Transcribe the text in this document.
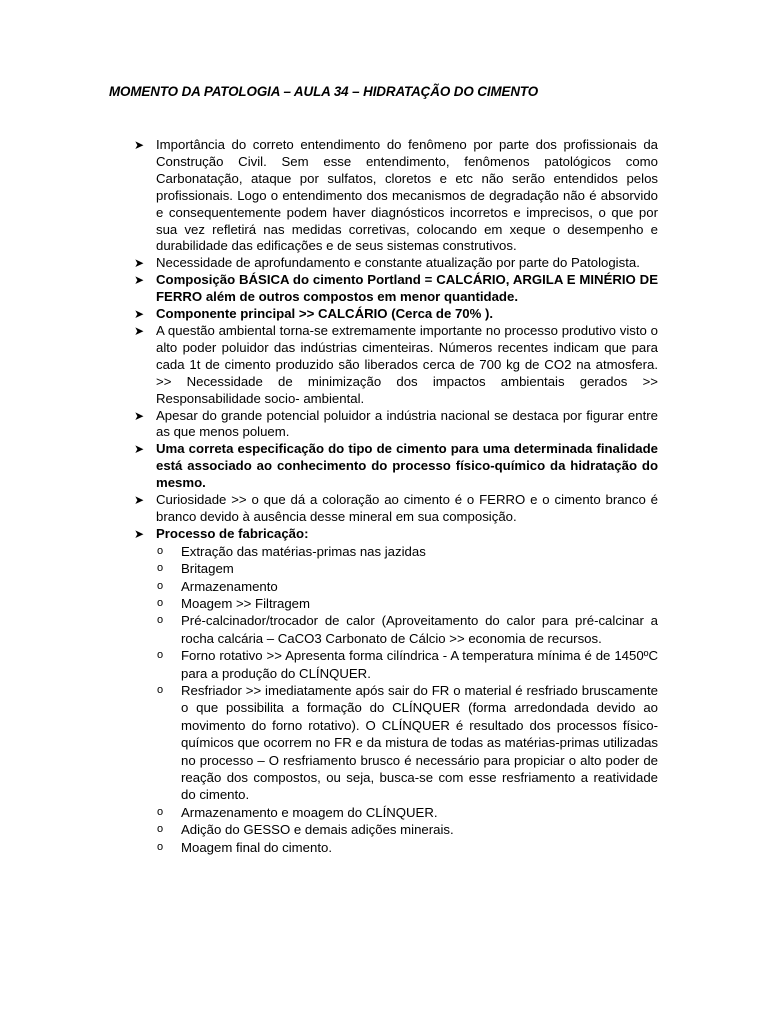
MOMENTO DA PATOLOGIA – AULA 34 – HIDRATAÇÃO DO CIMENTO
➤ Importância do correto entendimento do fenômeno por parte dos profissionais da Construção Civil. Sem esse entendimento, fenômenos patológicos como Carbonatação, ataque por sulfatos, cloretos e etc não serão entendidos pelos profissionais. Logo o entendimento dos mecanismos de degradação não é absorvido e consequentemente podem haver diagnósticos incorretos e imprecisos, o que por sua vez refletirá nas medidas corretivas, colocando em xeque o desempenho e durabilidade das edificações e de seus sistemas construtivos.
➤ Necessidade de aprofundamento e constante atualização por parte do Patologista.
➤ Composição BÁSICA do cimento Portland = CALCÁRIO, ARGILA E MINÉRIO DE FERRO além de outros compostos em menor quantidade.
➤ Componente principal >> CALCÁRIO (Cerca de 70% ).
➤ A questão ambiental torna-se extremamente importante no processo produtivo visto o alto poder poluidor das indústrias cimenteiras. Números recentes indicam que para cada 1t de cimento produzido são liberados cerca de 700 kg de CO2 na atmosfera. >> Necessidade de minimização dos impactos ambientais gerados >> Responsabilidade socio- ambiental.
➤ Apesar do grande potencial poluidor a indústria nacional se destaca por figurar entre as que menos poluem.
➤ Uma correta especificação do tipo de cimento para uma determinada finalidade está associado ao conhecimento do processo físico-químico da hidratação do mesmo.
➤ Curiosidade >> o que dá a coloração ao cimento é o FERRO e o cimento branco é branco devido à ausência desse mineral em sua composição.
➤ Processo de fabricação:
o Extração das matérias-primas nas jazidas
o Britagem
o Armazenamento
o Moagem >> Filtragem
o Pré-calcinador/trocador de calor (Aproveitamento do calor para pré-calcinar a rocha calcária – CaCO3 Carbonato de Cálcio >> economia de recursos.
o Forno rotativo >> Apresenta forma cilíndrica - A temperatura mínima é de 1450ºC para a produção do CLÍNQUER.
o Resfriador >> imediatamente após sair do FR o material é resfriado bruscamente o que possibilita a formação do CLÍNQUER (forma arredondada devido ao movimento do forno rotativo). O CLÍNQUER é resultado dos processos físico-químicos que ocorrem no FR e da mistura de todas as matérias-primas utilizadas no processo – O resfriamento brusco é necessário para propiciar o alto poder de reação dos compostos, ou seja, busca-se com esse resfriamento a reatividade do cimento.
o Armazenamento e moagem do CLÍNQUER.
o Adição do GESSO e demais adições minerais.
o Moagem final do cimento.
